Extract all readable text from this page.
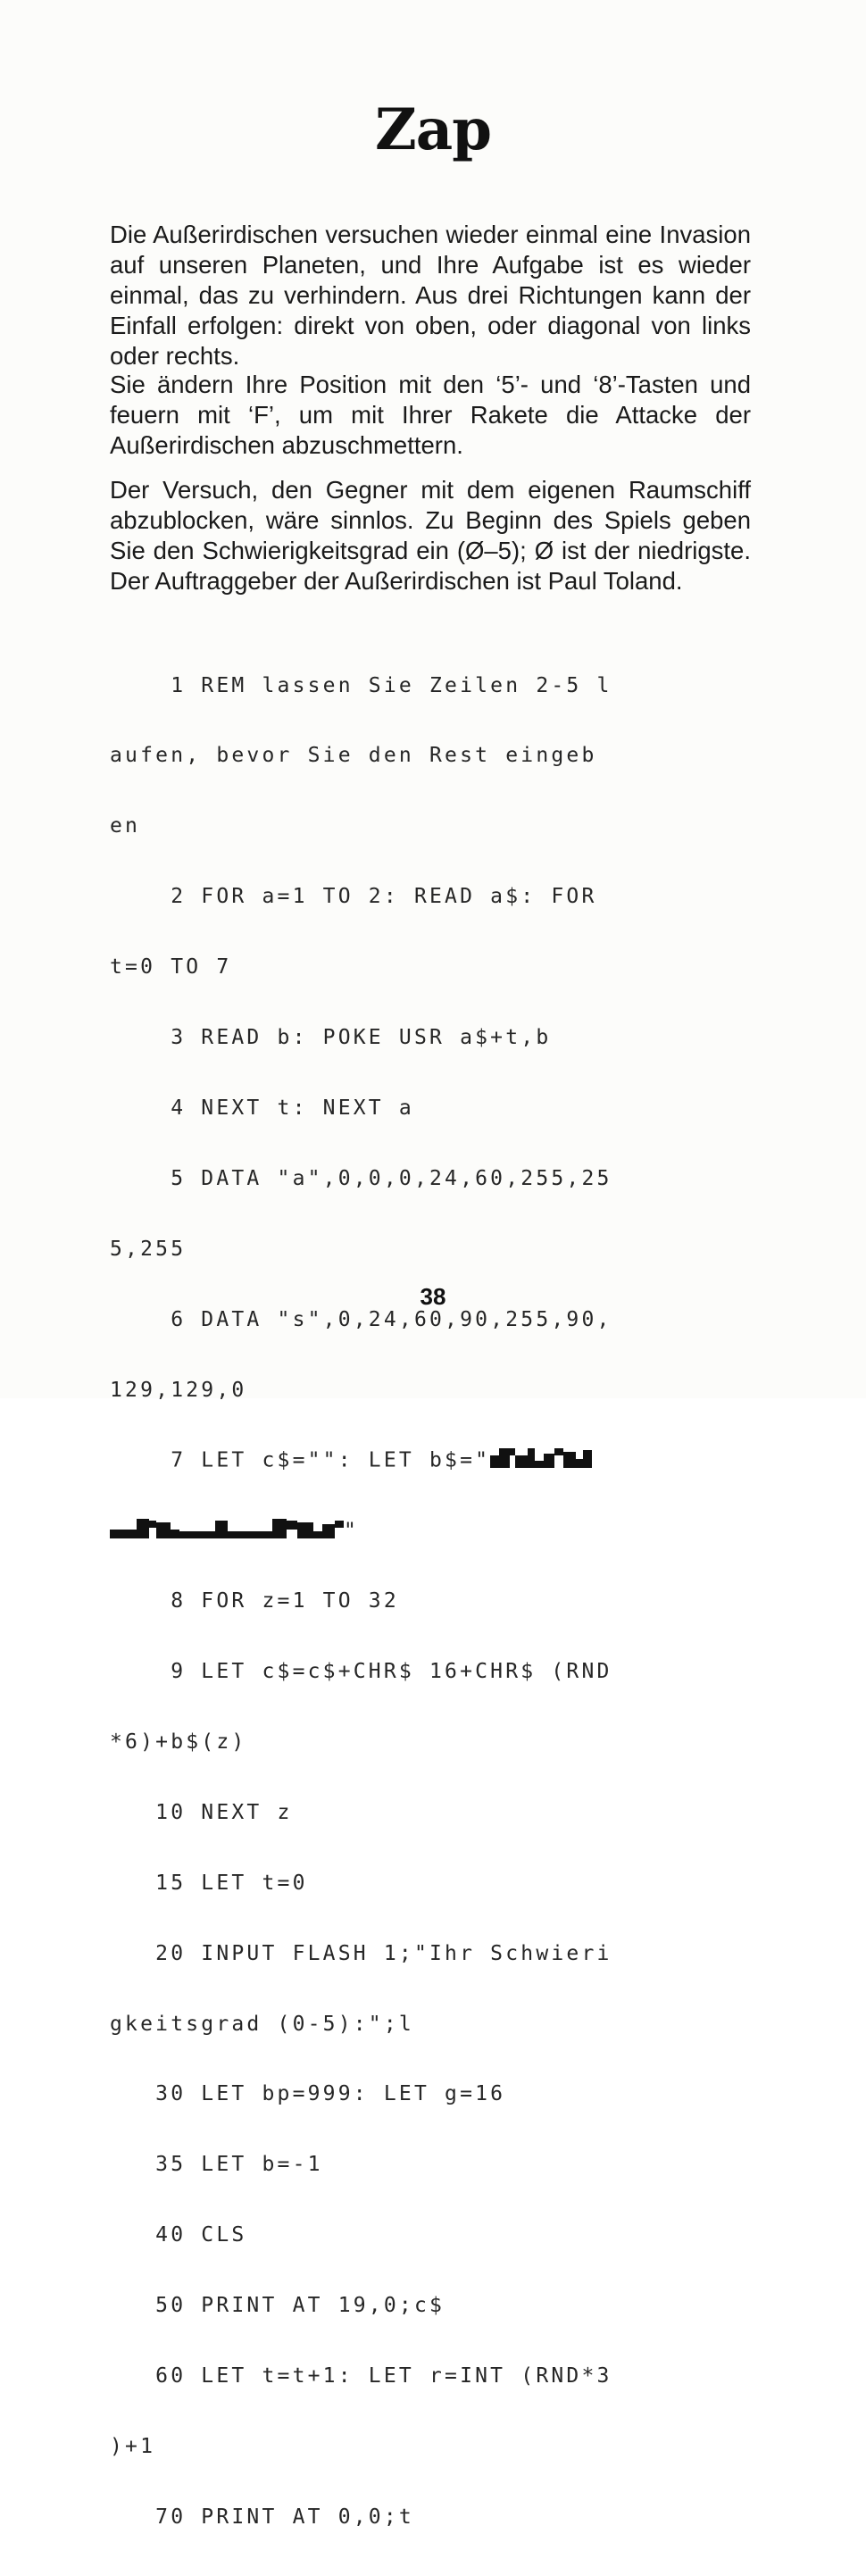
Zap

Die Außerirdischen versuchen wieder einmal eine Invasion auf unseren Planeten, und Ihre Aufgabe ist es wieder einmal, das zu verhindern. Aus drei Richtungen kann der Einfall erfolgen: direkt von oben, oder diagonal von links oder rechts.

Sie ändern Ihre Position mit den ‘5’- und ‘8’-Tasten und feuern mit ‘F’, um mit Ihrer Rakete die Attacke der Außerirdischen abzuschmettern.

Der Versuch, den Gegner mit dem eigenen Raumschiff abzublocken, wäre sinnlos. Zu Beginn des Spiels geben Sie den Schwierigkeitsgrad ein (Ø–5); Ø ist der niedrigste. Der Auftraggeber der Außerirdischen ist Paul Toland.

1 REM lassen Sie Zeilen 2-5 l

aufen, bevor Sie den Rest eingeb

en

2 FOR a=1 TO 2: READ a$: FOR

t=0 TO 7

3 READ b: POKE USR a$+t,b

4 NEXT t: NEXT a

5 DATA "a",0,0,0,24,60,255,25

5,255

6 DATA "s",0,24,60,90,255,90,

129,129,0

7 LET c$="": LET b$="

"

8 FOR z=1 TO 32

9 LET c$=c$+CHR$ 16+CHR$ (RND

*6)+b$(z)

10 NEXT z

15 LET t=0

20 INPUT FLASH 1;"Ihr Schwieri

gkeitsgrad (0-5):";l

30 LET bp=999: LET g=16

35 LET b=-1

40 CLS

50 PRINT AT 19,0;c$

60 LET t=t+1: LET r=INT (RND*3

)+1

70 PRINT AT 0,0;t

38
